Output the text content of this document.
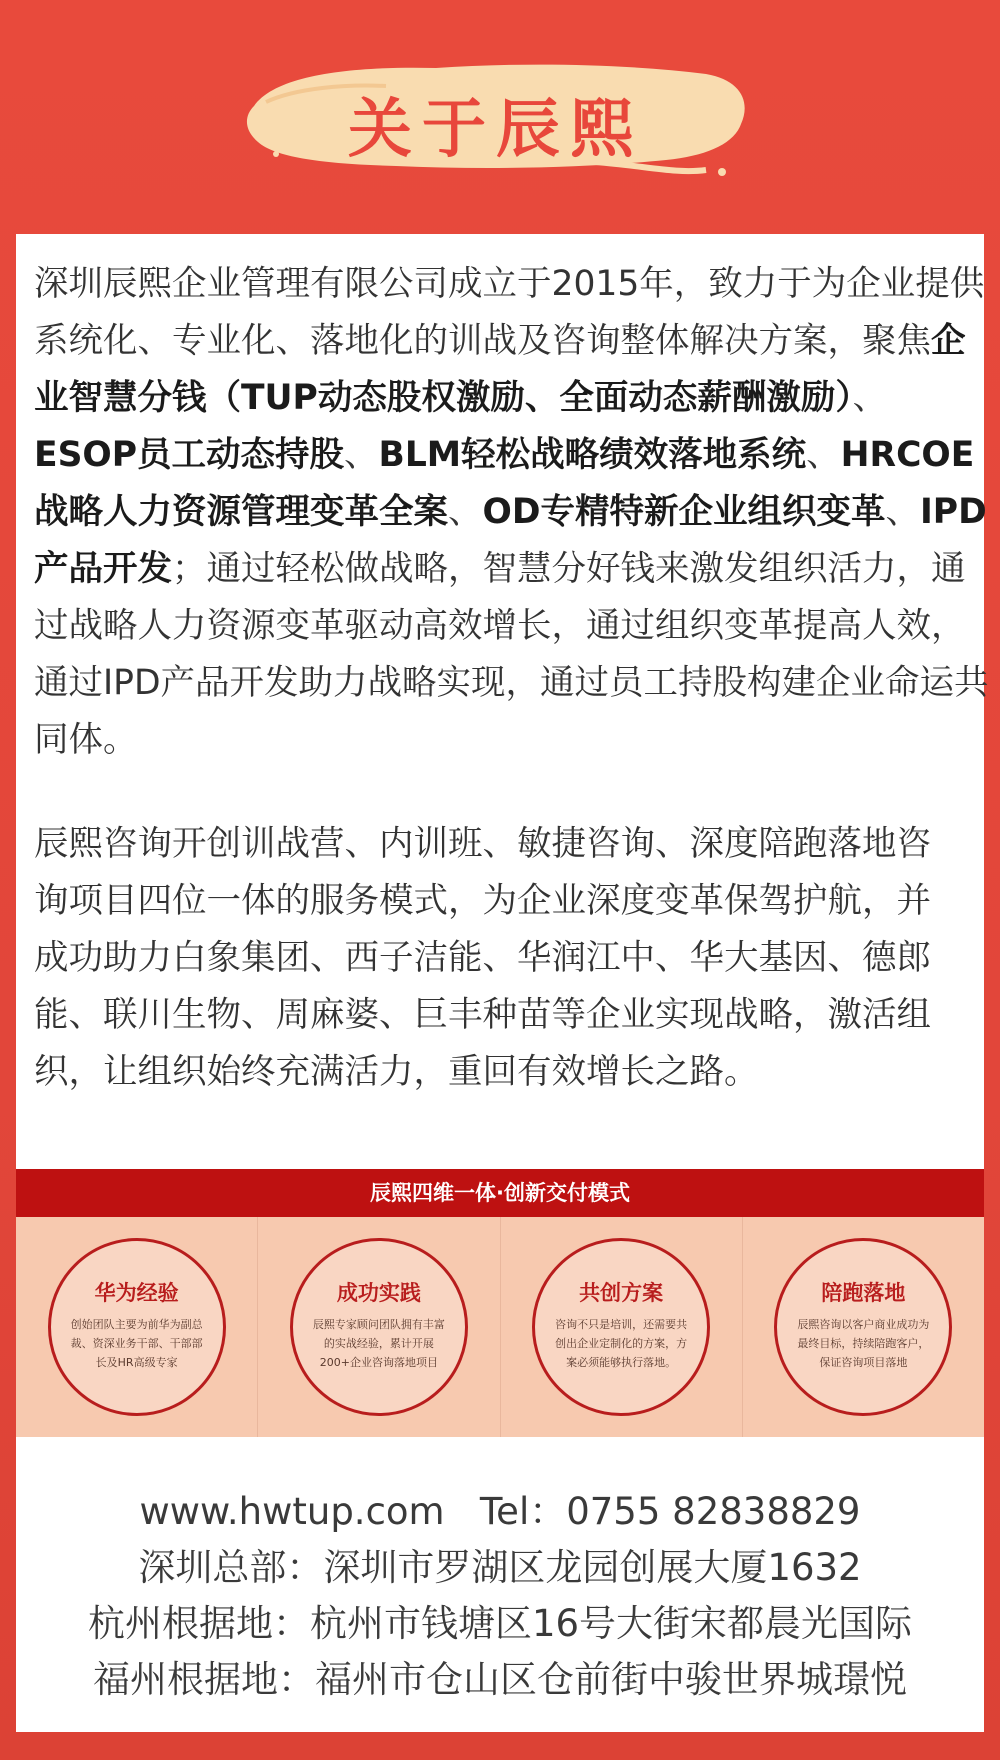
关于辰熙

深圳辰熙企业管理有限公司成立于2015年，致力于为企业提供系统化、专业化、落地化的训战及咨询整体解决方案，聚焦企业智慧分钱（TUP动态股权激励、全面动态薪酬激励）、ESOP员工动态持股、BLM轻松战略绩效落地系统、HRCOE战略人力资源管理变革全案、OD专精特新企业组织变革、IPD产品开发；通过轻松做战略，智慧分好钱来激发组织活力，通过战略人力资源变革驱动高效增长，通过组织变革提高人效，通过IPD产品开发助力战略实现，通过员工持股构建企业命运共同体。

辰熙咨询开创训战营、内训班、敏捷咨询、深度陪跑落地咨询项目四位一体的服务模式，为企业深度变革保驾护航，并成功助力白象集团、西子洁能、华润江中、华大基因、德郎能、联川生物、周麻婆、巨丰种苗等企业实现战略，激活组织，让组织始终充满活力，重回有效增长之路。

辰熙四维一体·创新交付模式
华为经验
创始团队主要为前华为副总裁、资深业务干部、干部部长及HR高级专家
成功实践
辰熙专家顾问团队拥有丰富的实战经验，累计开展200+企业咨询落地项目
共创方案
咨询不只是培训，还需要共创出企业定制化的方案，方案必须能够执行落地。
陪跑落地
辰熙咨询以客户商业成功为最终目标，持续陪跑客户，保证咨询项目落地

www.hwtup.com   Tel：0755 82838829
深圳总部：深圳市罗湖区龙园创展大厦1632
杭州根据地：杭州市钱塘区16号大街宋都晨光国际
福州根据地：福州市仓山区仓前街中骏世界城璟悦
